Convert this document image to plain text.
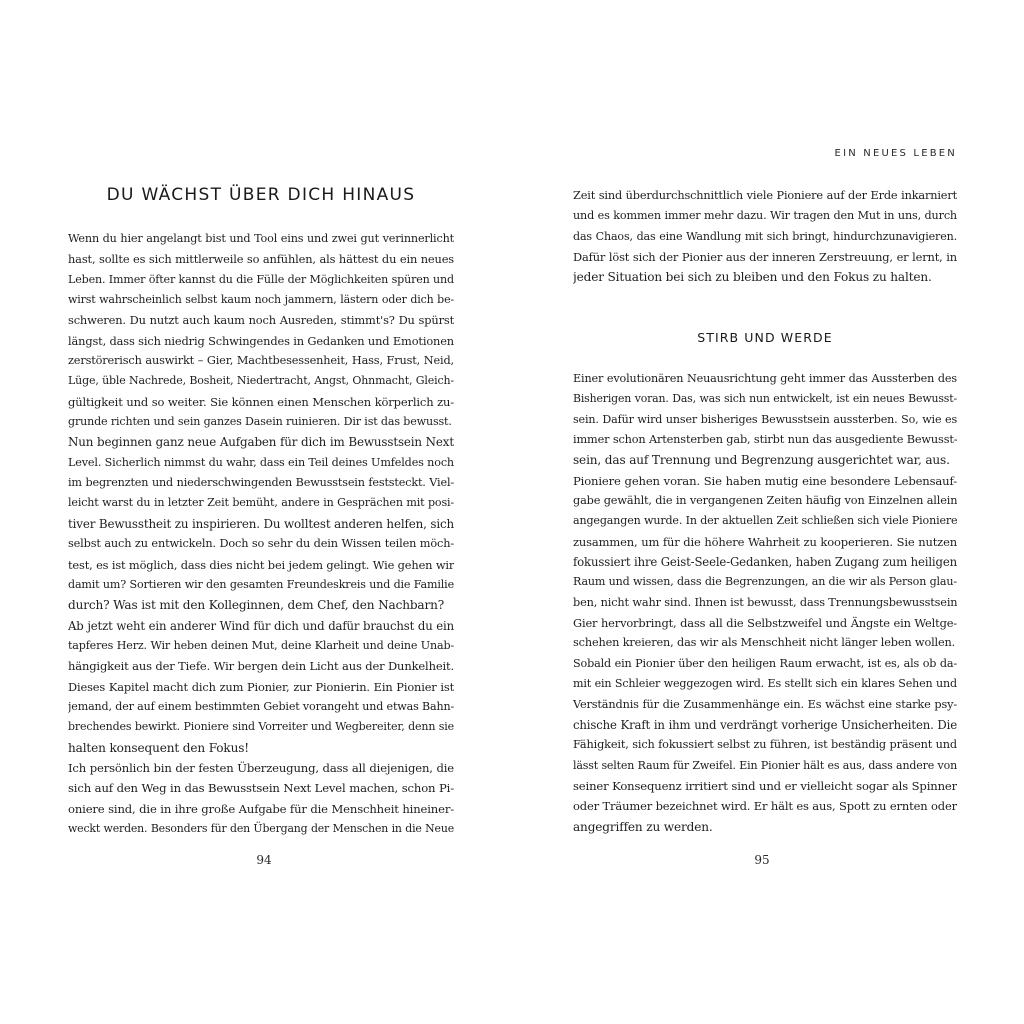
DU WÄCHST ÜBER DICH HINAUS
Wenn du hier angelangt bist und Tool eins und zwei gut verinnerlicht
hast, sollte es sich mittlerweile so anfühlen, als hättest du ein neues
Leben. Immer öfter kannst du die Fülle der Möglichkeiten spüren und
wirst wahrscheinlich selbst kaum noch jammern, lästern oder dich be-
schweren. Du nutzt auch kaum noch Ausreden, stimmt's? Du spürst
längst, dass sich niedrig Schwingendes in Gedanken und Emotionen
zerstörerisch auswirkt – Gier, Machtbesessenheit, Hass, Frust, Neid,
Lüge, üble Nachrede, Bosheit, Niedertracht, Angst, Ohnmacht, Gleich-
gültigkeit und so weiter. Sie können einen Menschen körperlich zu-
grunde richten und sein ganzes Dasein ruinieren. Dir ist das bewusst.
Nun beginnen ganz neue Aufgaben für dich im Bewusstsein Next
Level. Sicherlich nimmst du wahr, dass ein Teil deines Umfeldes noch
im begrenzten und niederschwingenden Bewusstsein feststeckt. Viel-
leicht warst du in letzter Zeit bemüht, andere in Gesprächen mit posi-
tiver Bewusstheit zu inspirieren. Du wolltest anderen helfen, sich
selbst auch zu entwickeln. Doch so sehr du dein Wissen teilen möch-
test, es ist möglich, dass dies nicht bei jedem gelingt. Wie gehen wir
damit um? Sortieren wir den gesamten Freundeskreis und die Familie
durch? Was ist mit den Kolleginnen, dem Chef, den Nachbarn?
Ab jetzt weht ein anderer Wind für dich und dafür brauchst du ein
tapferes Herz. Wir heben deinen Mut, deine Klarheit und deine Unab-
hängigkeit aus der Tiefe. Wir bergen dein Licht aus der Dunkelheit.
Dieses Kapitel macht dich zum Pionier, zur Pionierin. Ein Pionier ist
jemand, der auf einem bestimmten Gebiet vorangeht und etwas Bahn-
brechendes bewirkt. Pioniere sind Vorreiter und Wegbereiter, denn sie
halten konsequent den Fokus!
Ich persönlich bin der festen Überzeugung, dass all diejenigen, die
sich auf den Weg in das Bewusstsein Next Level machen, schon Pi-
oniere sind, die in ihre große Aufgabe für die Menschheit hineiner-
weckt werden. Besonders für den Übergang der Menschen in die Neue
94
EIN NEUES LEBEN
Zeit sind überdurchschnittlich viele Pioniere auf der Erde inkarniert
und es kommen immer mehr dazu. Wir tragen den Mut in uns, durch
das Chaos, das eine Wandlung mit sich bringt, hindurchzunavigieren.
Dafür löst sich der Pionier aus der inneren Zerstreuung, er lernt, in
jeder Situation bei sich zu bleiben und den Fokus zu halten.
STIRB UND WERDE
Einer evolutionären Neuausrichtung geht immer das Aussterben des
Bisherigen voran. Das, was sich nun entwickelt, ist ein neues Bewusst-
sein. Dafür wird unser bisheriges Bewusstsein aussterben. So, wie es
immer schon Artensterben gab, stirbt nun das ausgediente Bewusst-
sein, das auf Trennung und Begrenzung ausgerichtet war, aus.
Pioniere gehen voran. Sie haben mutig eine besondere Lebensauf-
gabe gewählt, die in vergangenen Zeiten häufig von Einzelnen allein
angegangen wurde. In der aktuellen Zeit schließen sich viele Pioniere
zusammen, um für die höhere Wahrheit zu kooperieren. Sie nutzen
fokussiert ihre Geist-Seele-Gedanken, haben Zugang zum heiligen
Raum und wissen, dass die Begrenzungen, an die wir als Person glau-
ben, nicht wahr sind. Ihnen ist bewusst, dass Trennungsbewusstsein
Gier hervorbringt, dass all die Selbstzweifel und Ängste ein Weltge-
schehen kreieren, das wir als Menschheit nicht länger leben wollen.
Sobald ein Pionier über den heiligen Raum erwacht, ist es, als ob da-
mit ein Schleier weggezogen wird. Es stellt sich ein klares Sehen und
Verständnis für die Zusammenhänge ein. Es wächst eine starke psy-
chische Kraft in ihm und verdrängt vorherige Unsicherheiten. Die
Fähigkeit, sich fokussiert selbst zu führen, ist beständig präsent und
lässt selten Raum für Zweifel. Ein Pionier hält es aus, dass andere von
seiner Konsequenz irritiert sind und er vielleicht sogar als Spinner
oder Träumer bezeichnet wird. Er hält es aus, Spott zu ernten oder
angegriffen zu werden.
95
